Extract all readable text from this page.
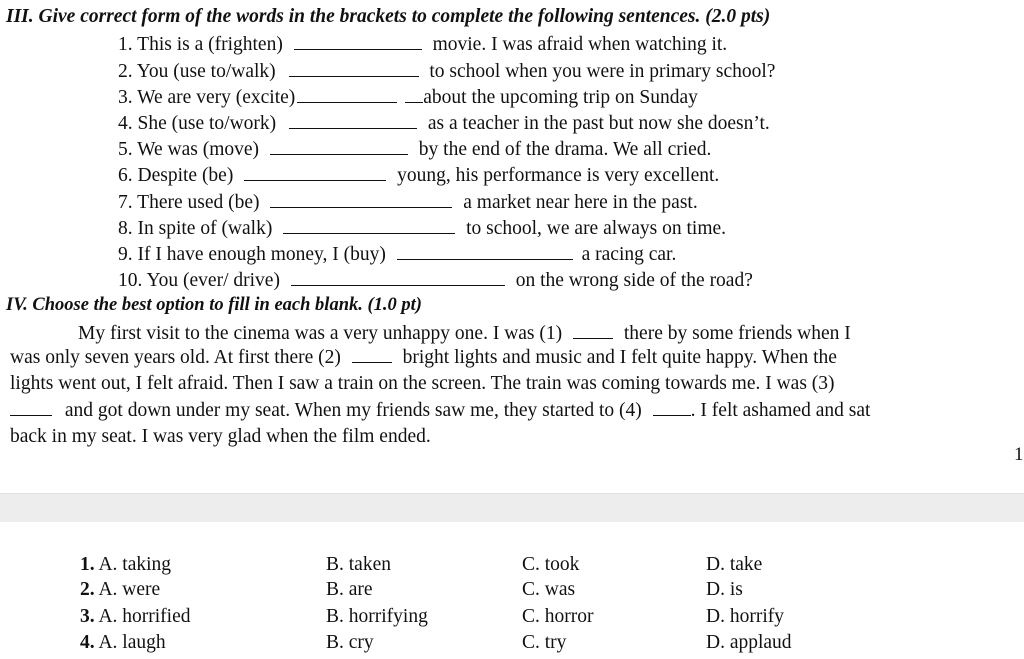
III. Give correct form of the words in the brackets to complete the following sentences. (2.0 pts)
1. This is a (frighten)	movie. I was afraid when watching it.
2. You (use to/walk)	to school when you were in primary school?
3. We are very (excite)	about the upcoming trip on Sunday
4. She (use to/work)	as a teacher in the past but now she doesn’t.
5. We was (move)	by the end of the drama. We all cried.
6. Despite (be)	young, his performance is very excellent.
7. There used (be)	a market near here in the past.
8. In spite of (walk)	to school, we are always on time.
9. If I have enough money, I (buy)	a racing car.
10. You (ever/ drive)	on the wrong side of the road?
IV. Choose the best option to fill in each blank. (1.0 pt)
My first visit to the cinema was a very unhappy one. I was (1)	there by some friends when I
was only seven years old. At first there (2)	bright lights and music and I felt quite happy. When the
lights went out, I felt afraid. Then I saw a train on the screen. The train was coming towards me. I was (3)
and got down under my seat. When my friends saw me, they started to (4)	. I felt ashamed and sat
back in my seat. I was very glad when the film ended.
1
1. A. taking	B. taken	C. took	D. take
2. A. were	B. are	C. was	D. is
3. A. horrified	B. horrifying	C. horror	D. horrify
4. A. laugh	B. cry	C. try	D. applaud
